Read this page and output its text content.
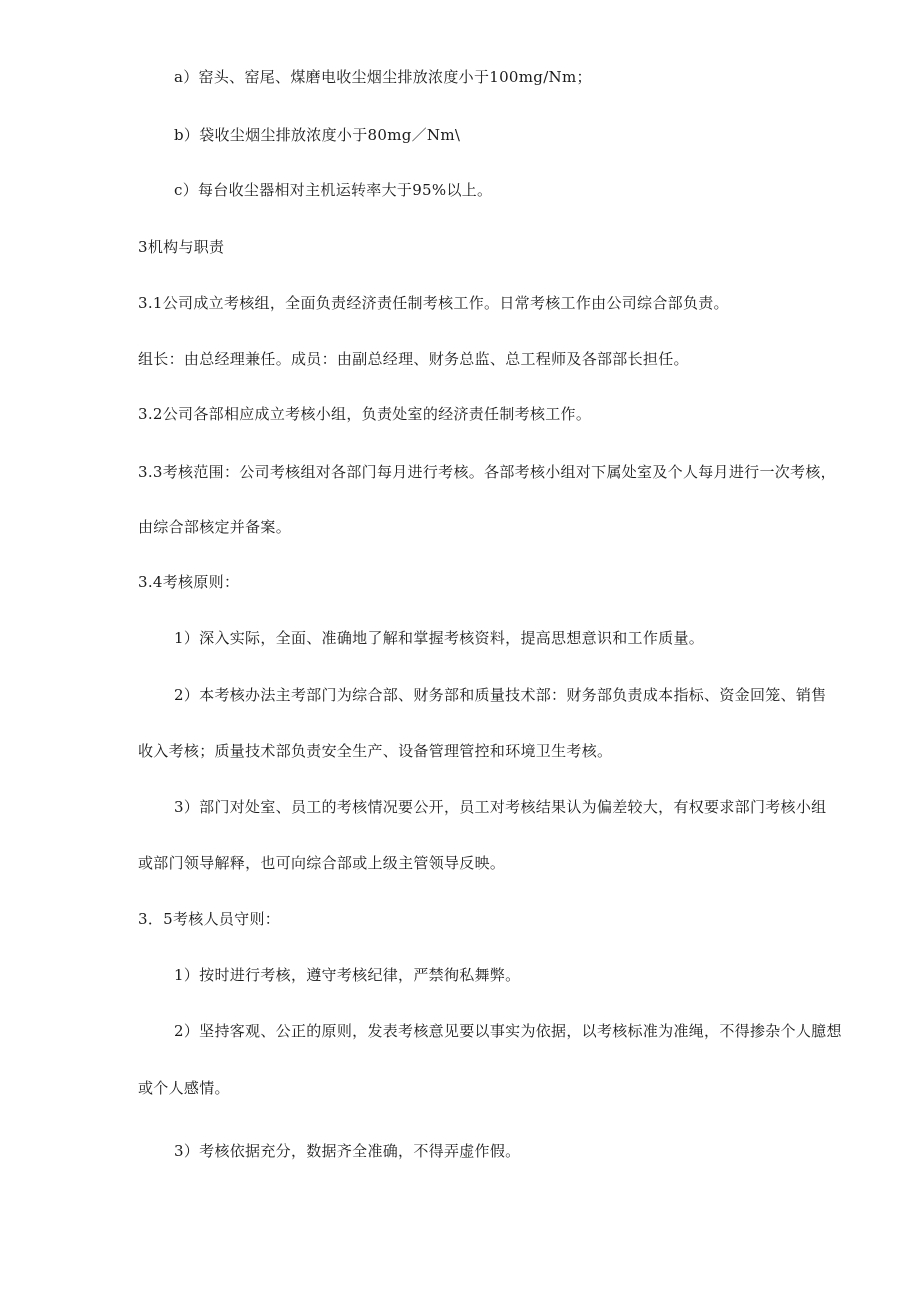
a）窑头、窑尾、煤磨电收尘烟尘排放浓度小于100mg/Nm；
b）袋收尘烟尘排放浓度小于80mg／Nm\
c）每台收尘器相对主机运转率大于95%以上。
3机构与职责
3.1公司成立考核组，全面负责经济责任制考核工作。日常考核工作由公司综合部负责。
组长：由总经理兼任。成员：由副总经理、财务总监、总工程师及各部部长担任。
3.2公司各部相应成立考核小组，负责处室的经济责任制考核工作。
3.3考核范围：公司考核组对各部门每月进行考核。各部考核小组对下属处室及个人每月进行一次考核，
由综合部核定并备案。
3.4考核原则：
1）深入实际，全面、准确地了解和掌握考核资料，提高思想意识和工作质量。
2）本考核办法主考部门为综合部、财务部和质量技术部：财务部负责成本指标、资金回笼、销售
收入考核；质量技术部负责安全生产、设备管理管控和环境卫生考核。
3）部门对处室、员工的考核情况要公开，员工对考核结果认为偏差较大，有权要求部门考核小组
或部门领导解释，也可向综合部或上级主管领导反映。
3．5考核人员守则：
1）按时进行考核，遵守考核纪律，严禁徇私舞弊。
2）坚持客观、公正的原则，发表考核意见要以事实为依据，以考核标准为准绳，不得掺杂个人臆想
或个人感情。
3）考核依据充分，数据齐全准确，不得弄虚作假。
